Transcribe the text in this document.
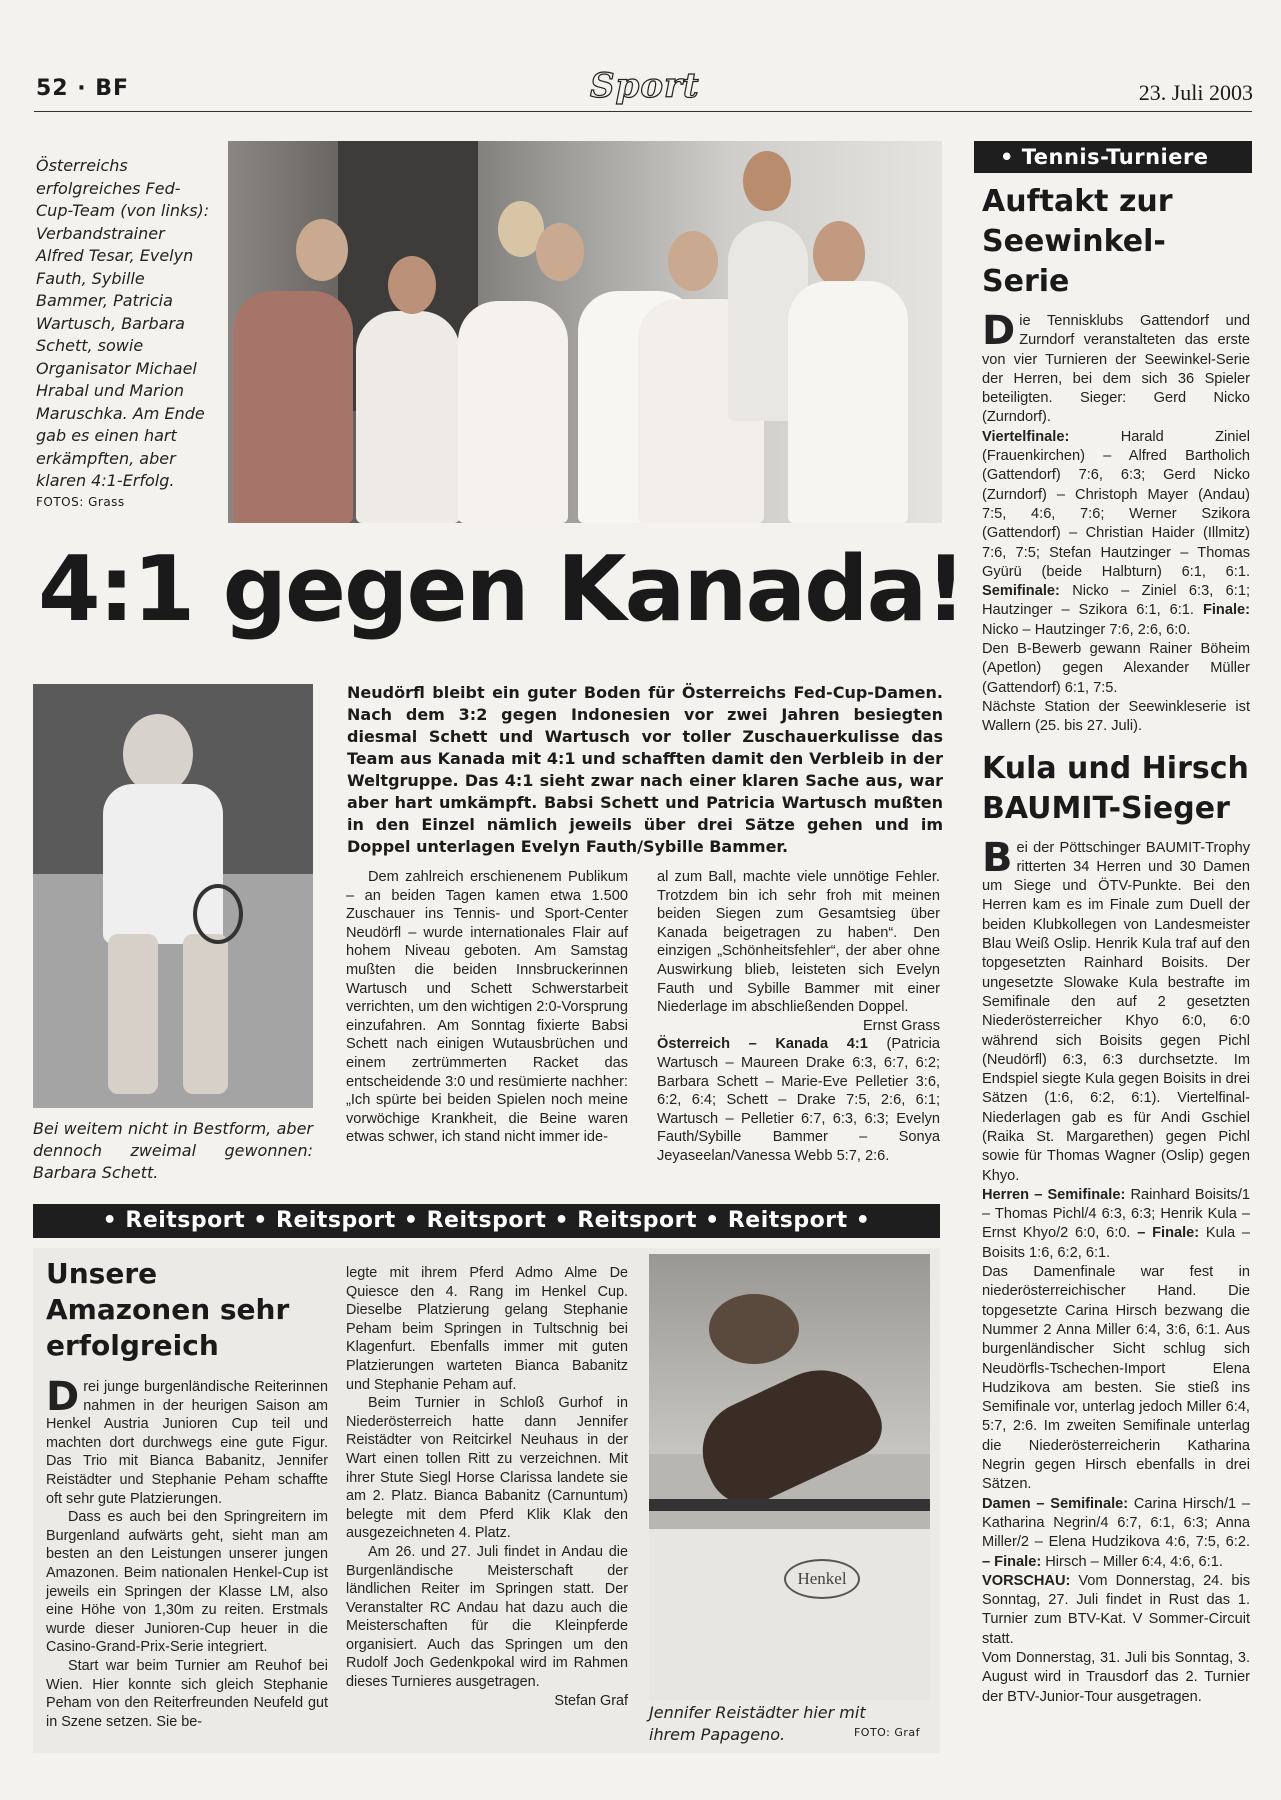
52 · BF	Sport	23. Juli 2003
Österreichs erfolgreiches Fed-Cup-Team (von links): Verbandstrainer Alfred Tesar, Evelyn Fauth, Sybille Bammer, Patricia Wartusch, Barbara Schett, sowie Organisator Michael Hrabal und Marion Maruschka. Am Ende gab es einen hart erkämpften, aber klaren 4:1-Erfolg.
FOTOS: Grass
4:1 gegen Kanada!
Bei weitem nicht in Bestform, aber dennoch zweimal gewonnen: Barbara Schett.
Neudörfl bleibt ein guter Boden für Österreichs Fed-Cup-Damen. Nach dem 3:2 gegen Indonesien vor zwei Jahren besiegten diesmal Schett und Wartusch vor toller Zuschauerkulisse das Team aus Kanada mit 4:1 und schafften damit den Verbleib in der Weltgruppe. Das 4:1 sieht zwar nach einer klaren Sache aus, war aber hart umkämpft. Babsi Schett und Patricia Wartusch mußten in den Einzel nämlich jeweils über drei Sätze gehen und im Doppel unterlagen Evelyn Fauth/Sybille Bammer.

Dem zahlreich erschienenem Publikum – an beiden Tagen kamen etwa 1.500 Zuschauer ins Tennis- und Sport-Center Neudörfl – wurde internationales Flair auf hohem Niveau geboten. Am Samstag mußten die beiden Innsbruckerinnen Wartusch und Schett Schwerstarbeit verrichten, um den wichtigen 2:0-Vorsprung einzufahren. Am Sonntag fixierte Babsi Schett nach einigen Wutausbrüchen und einem zertrümmerten Racket das entscheidende 3:0 und resümierte nachher: „Ich spürte bei beiden Spielen noch meine vorwöchige Krankheit, die Beine waren etwas schwer, ich stand nicht immer ide-

al zum Ball, machte viele unnötige Fehler. Trotzdem bin ich sehr froh mit meinen beiden Siegen zum Gesamtsieg über Kanada beigetragen zu haben“. Den einzigen „Schönheitsfehler“, der aber ohne Auswirkung blieb, leisteten sich Evelyn Fauth und Sybille Bammer mit einer Niederlage im abschließenden Doppel.

Ernst Grass

Österreich – Kanada 4:1 (Patricia Wartusch – Maureen Drake 6:3, 6:7, 6:2; Barbara Schett – Marie-Eve Pelletier 3:6, 6:2, 6:4; Schett – Drake 7:5, 2:6, 6:1; Wartusch – Pelletier 6:7, 6:3, 6:3; Evelyn Fauth/Sybille Bammer – Sonya Jeyaseelan/Vanessa Webb 5:7, 2:6.

• Tennis-Turniere
Auftakt zur Seewinkel-Serie

Die Tennisklubs Gattendorf und Zurndorf veranstalteten das erste von vier Turnieren der Seewinkel-Serie der Herren, bei dem sich 36 Spieler beteiligten. Sieger: Gerd Nicko (Zurndorf).

Viertelfinale:	Harald Ziniel (Frauenkirchen) – Alfred Bartholich (Gattendorf) 7:6, 6:3; Gerd Nicko (Zurndorf) – Christoph Mayer (Andau) 7:5, 4:6, 7:6; Werner Szikora (Gattendorf) – Christian Haider (Illmitz) 7:6, 7:5; Stefan Hautzinger – Thomas Gyürü (beide Halbturn) 6:1, 6:1. Semifinale: Nicko – Ziniel 6:3, 6:1; Hautzinger – Szikora 6:1, 6:1. Finale: Nicko – Hautzinger 7:6, 2:6, 6:0.

Den B-Bewerb gewann Rainer Böheim (Apetlon) gegen Alexander Müller (Gattendorf) 6:1, 7:5.

Nächste Station der Seewinkleserie ist Wallern (25. bis 27. Juli).

Kula und Hirsch BAUMIT-Sieger

Bei der Pöttschinger BAUMIT-Trophy ritterten 34 Herren und 30 Damen um Siege und ÖTV-Punkte. Bei den Herren kam es im Finale zum Duell der beiden Klubkollegen von Landesmeister Blau Weiß Oslip. Henrik Kula traf auf den topgesetzten Rainhard Boisits. Der ungesetzte Slowake Kula bestrafte im Semifinale den auf 2 gesetzten Niederösterreicher Khyo 6:0, 6:0 während sich Boisits gegen Pichl (Neudörfl) 6:3, 6:3 durchsetzte. Im Endspiel siegte Kula gegen Boisits in drei Sätzen (1:6, 6:2, 6:1). Viertelfinal-Niederlagen gab es für Andi Gschiel (Raika St. Margarethen) gegen Pichl sowie für Thomas Wagner (Oslip) gegen Khyo.

Herren – Semifinale: Rainhard Boisits/1 – Thomas Pichl/4 6:3, 6:3; Henrik Kula – Ernst Khyo/2 6:0, 6:0. – Finale: Kula – Boisits 1:6, 6:2, 6:1.

Das Damenfinale war fest in niederösterreichischer Hand. Die topgesetzte Carina Hirsch bezwang die Nummer 2 Anna Miller 6:4, 3:6, 6:1. Aus burgenländischer Sicht schlug sich Neudörfls-Tschechen-Import Elena Hudzikova am besten. Sie stieß ins Semifinale vor, unterlag jedoch Miller 6:4, 5:7, 2:6. Im zweiten Semifinale unterlag die Niederösterreicherin Katharina Negrin gegen Hirsch ebenfalls in drei Sätzen.

Damen – Semifinale: Carina Hirsch/1 – Katharina Negrin/4 6:7, 6:1, 6:3; Anna Miller/2 – Elena Hudzikova 4:6, 7:5, 6:2. – Finale: Hirsch – Miller 6:4, 4:6, 6:1.

VORSCHAU: Vom Donnerstag, 24. bis Sonntag, 27. Juli findet in Rust das 1. Turnier zum BTV-Kat. V Sommer-Circuit statt.

Vom Donnerstag, 31. Juli bis Sonntag, 3. August wird in Trausdorf das 2. Turnier der BTV-Junior-Tour ausgetragen.

• Reitsport • Reitsport • Reitsport • Reitsport • Reitsport •
Unsere Amazonen sehr erfolgreich

Drei junge burgenländische Reiterinnen nahmen in der heurigen Saison am Henkel Austria Junioren Cup teil und machten dort durchwegs eine gute Figur. Das Trio mit Bianca Babanitz, Jennifer Reistädter und Stephanie Peham schaffte oft sehr gute Platzierungen.

Dass es auch bei den Springreitern im Burgenland aufwärts geht, sieht man am besten an den Leistungen unserer jungen Amazonen. Beim nationalen Henkel-Cup ist jeweils ein Springen der Klasse LM, also eine Höhe von 1,30m zu reiten. Erstmals wurde dieser Junioren-Cup heuer in die Casino-Grand-Prix-Serie integriert.

Start war beim Turnier am Reuhof bei Wien. Hier konnte sich gleich Stephanie Peham von den Reiterfreunden Neufeld gut in Szene setzen. Sie be-

legte mit ihrem Pferd Admo Alme De Quiesce den 4. Rang im Henkel Cup. Dieselbe Platzierung gelang Stephanie Peham beim Springen in Tultschnig bei Klagenfurt. Ebenfalls immer mit guten Platzierungen warteten Bianca Babanitz und Stephanie Peham auf.

Beim Turnier in Schloß Gurhof in Niederösterreich hatte dann Jennifer Reistädter von Reitcirkel Neuhaus in der Wart einen tollen Ritt zu verzeichnen. Mit ihrer Stute Siegl Horse Clarissa landete sie am 2. Platz. Bianca Babanitz (Carnuntum) belegte mit dem Pferd Klik Klak den ausgezeichneten 4. Platz.

Am 26. und 27. Juli findet in Andau die Burgenländische Meisterschaft der ländlichen Reiter im Springen statt. Der Veranstalter RC Andau hat dazu auch die Meisterschaften für die Kleinpferde organisiert. Auch das Springen um den Rudolf Joch Gedenkpokal wird im Rahmen dieses Turnieres ausgetragen.

Stefan Graf
Henkel
Jennifer Reistädter hier mit ihrem Papageno.	FOTO: Graf
